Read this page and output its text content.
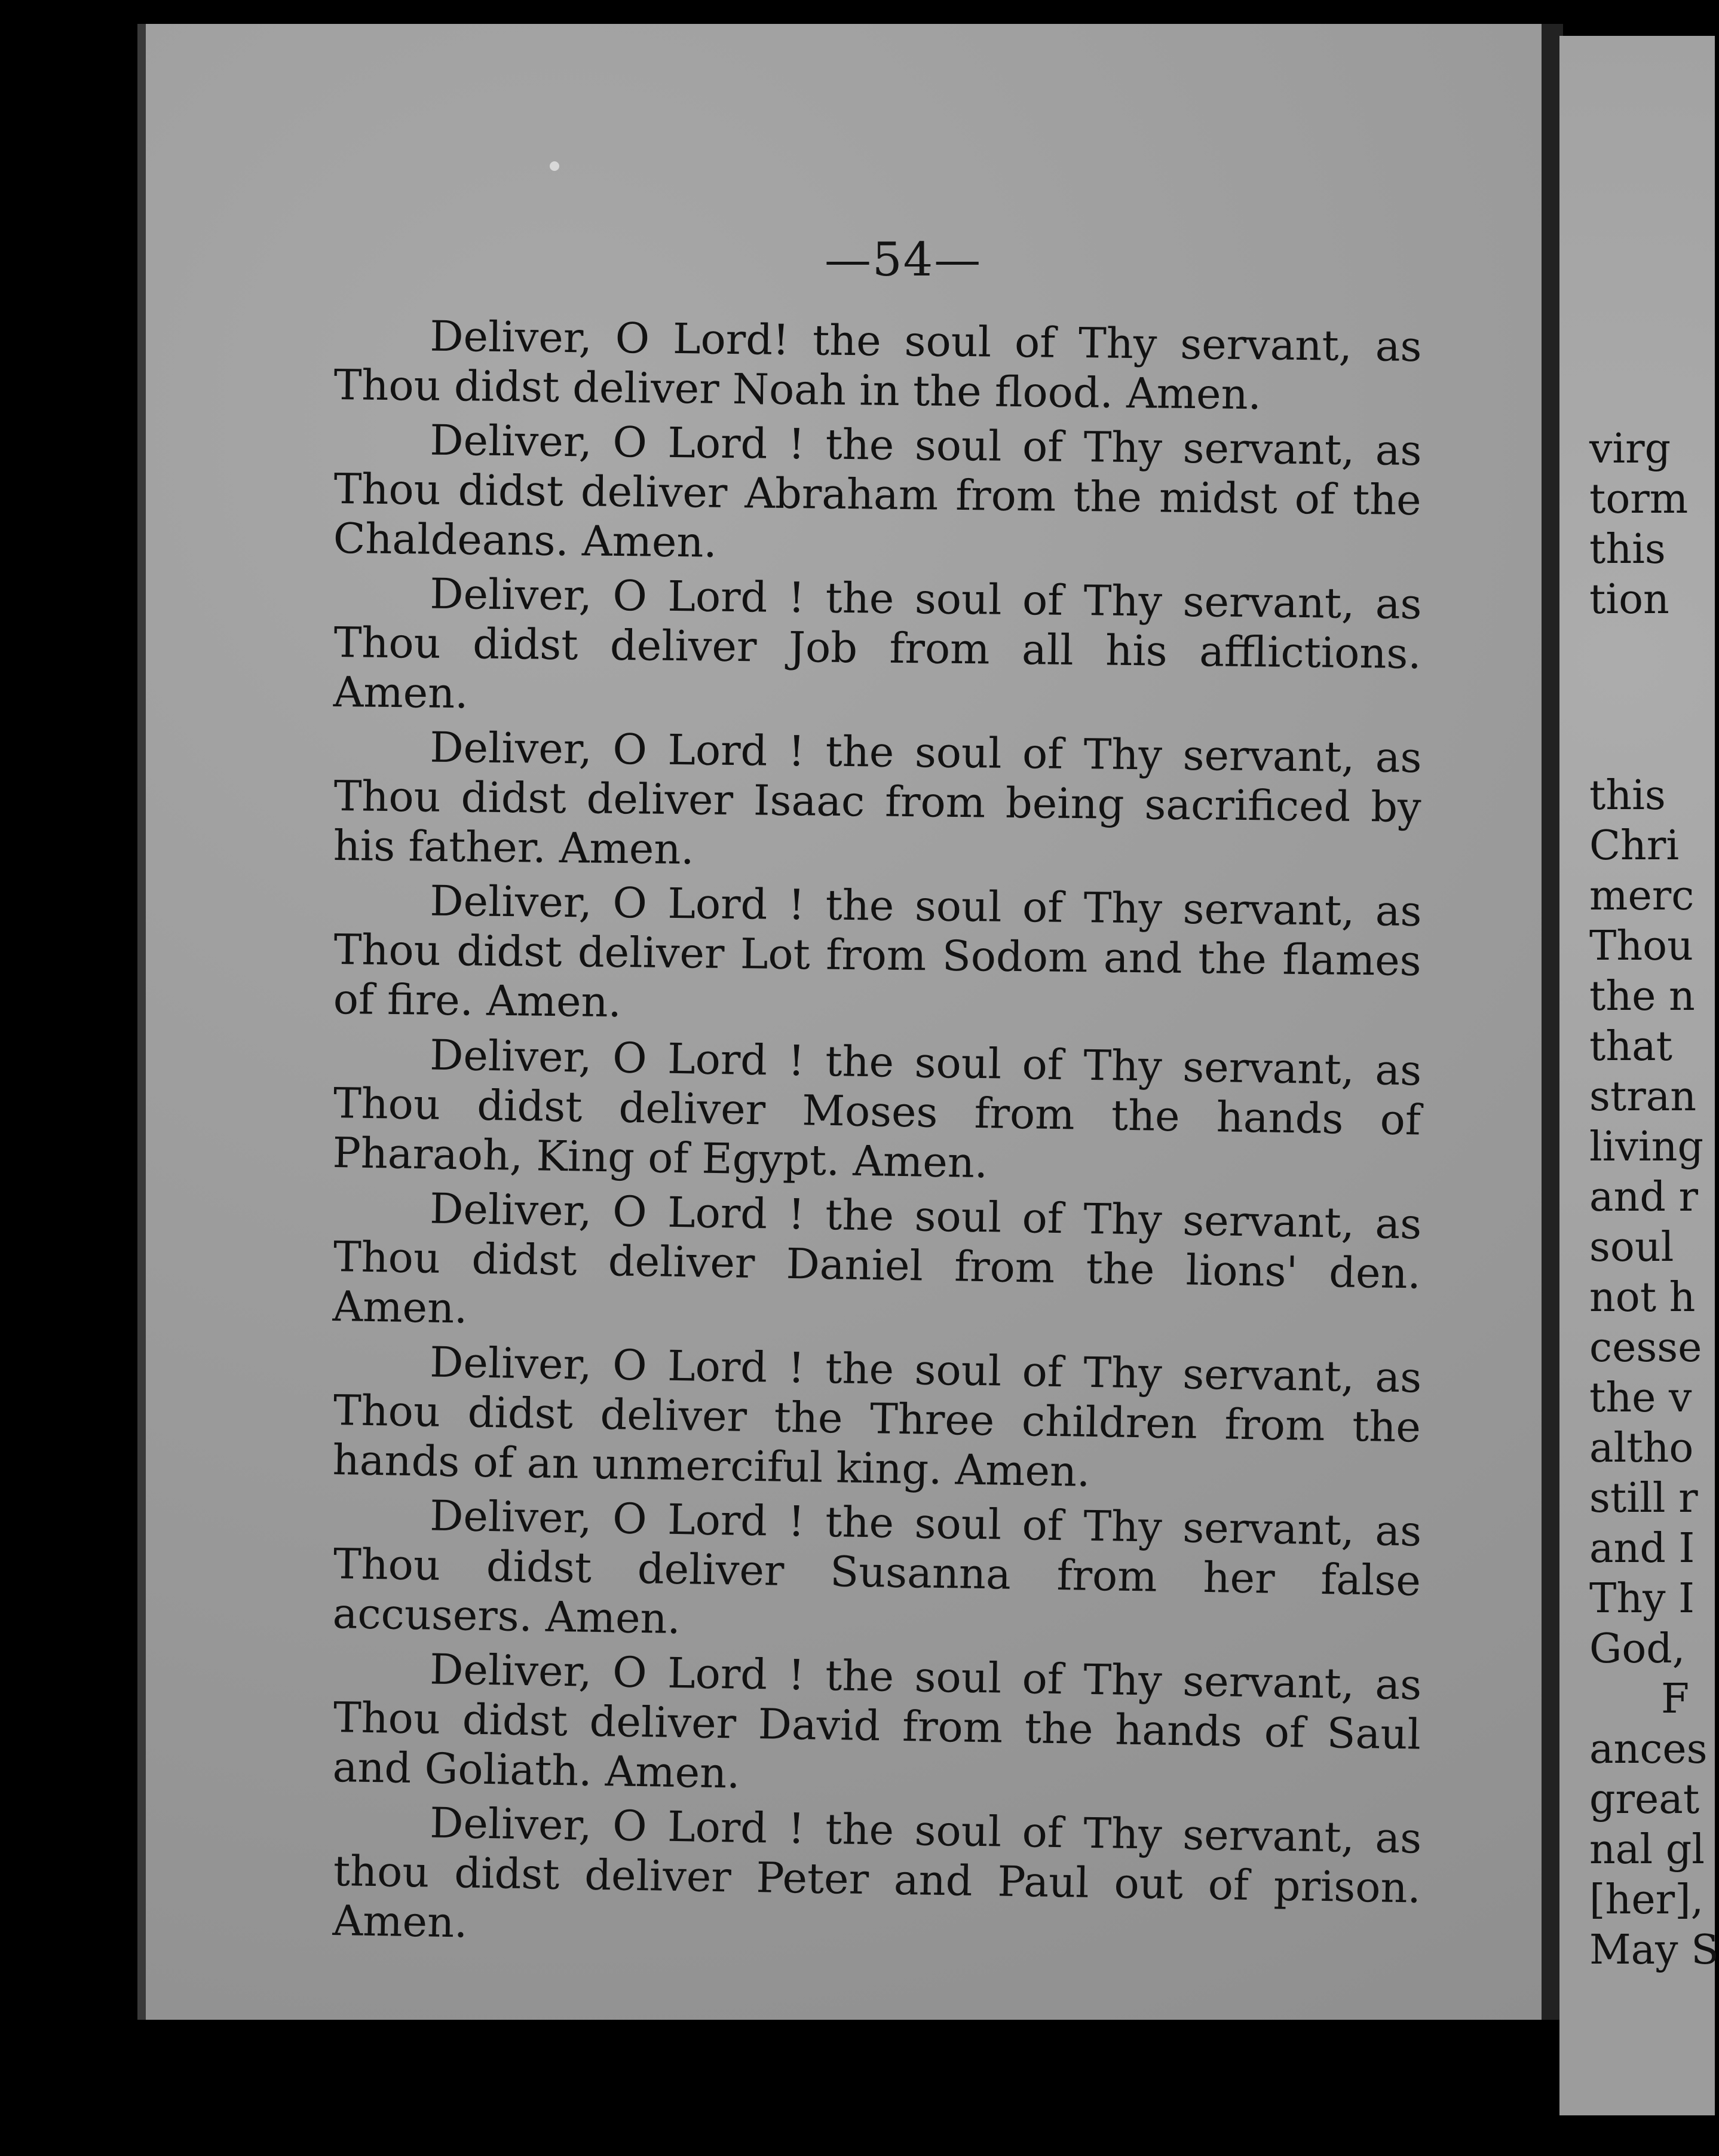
—54—

Deliver, O Lord! the soul of Thy servant, as Thou didst deliver Noah in the flood. Amen.

Deliver, O Lord ! the soul of Thy servant, as Thou didst deliver Abraham from the midst of the Chaldeans. Amen.

Deliver, O Lord ! the soul of Thy servant, as Thou didst deliver Job from all his afflictions. Amen.

Deliver, O Lord ! the soul of Thy servant, as Thou didst deliver Isaac from being sacrificed by his father. Amen.

Deliver, O Lord ! the soul of Thy servant, as Thou didst deliver Lot from Sodom and the flames of fire. Amen.

Deliver, O Lord ! the soul of Thy servant, as Thou didst deliver Moses from the hands of Pharaoh, King of Egypt. Amen.

Deliver, O Lord ! the soul of Thy servant, as Thou didst deliver Daniel from the lions' den. Amen.

Deliver, O Lord ! the soul of Thy servant, as Thou didst deliver the Three children from the hands of an unmerciful king. Amen.

Deliver, O Lord ! the soul of Thy servant, as Thou didst deliver Susanna from her false accusers. Amen.

Deliver, O Lord ! the soul of Thy servant, as Thou didst deliver David from the hands of Saul and Goliath. Amen.

Deliver, O Lord ! the soul of Thy servant, as thou didst deliver Peter and Paul out of prison. Amen.

virg
torm
this
tion
this
Chri
merc
Thou
the n
that
stran
living
and r
soul
not h
cesse
the v
altho
still r
and I
Thy I
God,
F
ances
great
nal gl
[her],
May S
